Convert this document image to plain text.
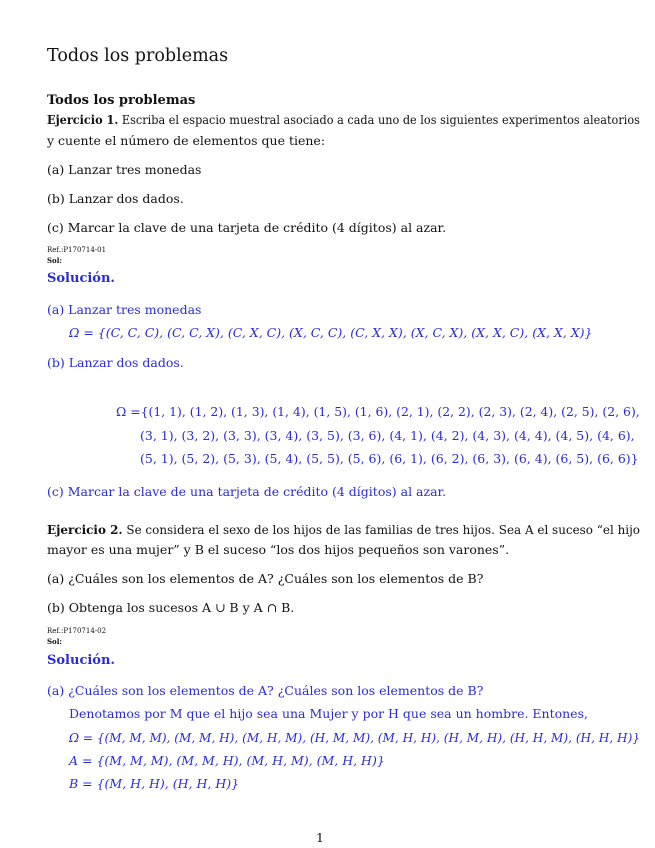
Todos los problemas
Todos los problemas
Ejercicio 1. Escriba el espacio muestral asociado a cada uno de los siguientes experimentos aleatorios
y cuente el número de elementos que tiene:
(a) Lanzar tres monedas
(b) Lanzar dos dados.
(c) Marcar la clave de una tarjeta de crédito (4 dígitos) al azar.
Ref.:P170714-01
Sol:
Solución.
(a) Lanzar tres monedas
Ω = {(C, C, C), (C, C, X), (C, X, C), (X, C, C), (C, X, X), (X, C, X), (X, X, C), (X, X, X)}
(b) Lanzar dos dados.
Ω ={(1, 1), (1, 2), (1, 3), (1, 4), (1, 5), (1, 6), (2, 1), (2, 2), (2, 3), (2, 4), (2, 5), (2, 6),
(3, 1), (3, 2), (3, 3), (3, 4), (3, 5), (3, 6), (4, 1), (4, 2), (4, 3), (4, 4), (4, 5), (4, 6),
(5, 1), (5, 2), (5, 3), (5, 4), (5, 5), (5, 6), (6, 1), (6, 2), (6, 3), (6, 4), (6, 5), (6, 6)}
(c) Marcar la clave de una tarjeta de crédito (4 dígitos) al azar.
Ejercicio 2. Se considera el sexo de los hijos de las familias de tres hijos. Sea A el suceso “el hijo
mayor es una mujer” y B el suceso “los dos hijos pequeños son varones”.
(a) ¿Cuáles son los elementos de A? ¿Cuáles son los elementos de B?
(b) Obtenga los sucesos A ∪ B y A ∩ B.
Ref.:P170714-02
Sol:
Solución.
(a) ¿Cuáles son los elementos de A? ¿Cuáles son los elementos de B?
Denotamos por M que el hijo sea una Mujer y por H que sea un hombre. Entones,
Ω = {(M, M, M), (M, M, H), (M, H, M), (H, M, M), (M, H, H), (H, M, H), (H, H, M), (H, H, H)}
A = {(M, M, M), (M, M, H), (M, H, M), (M, H, H)}
B = {(M, H, H), (H, H, H)}
1
